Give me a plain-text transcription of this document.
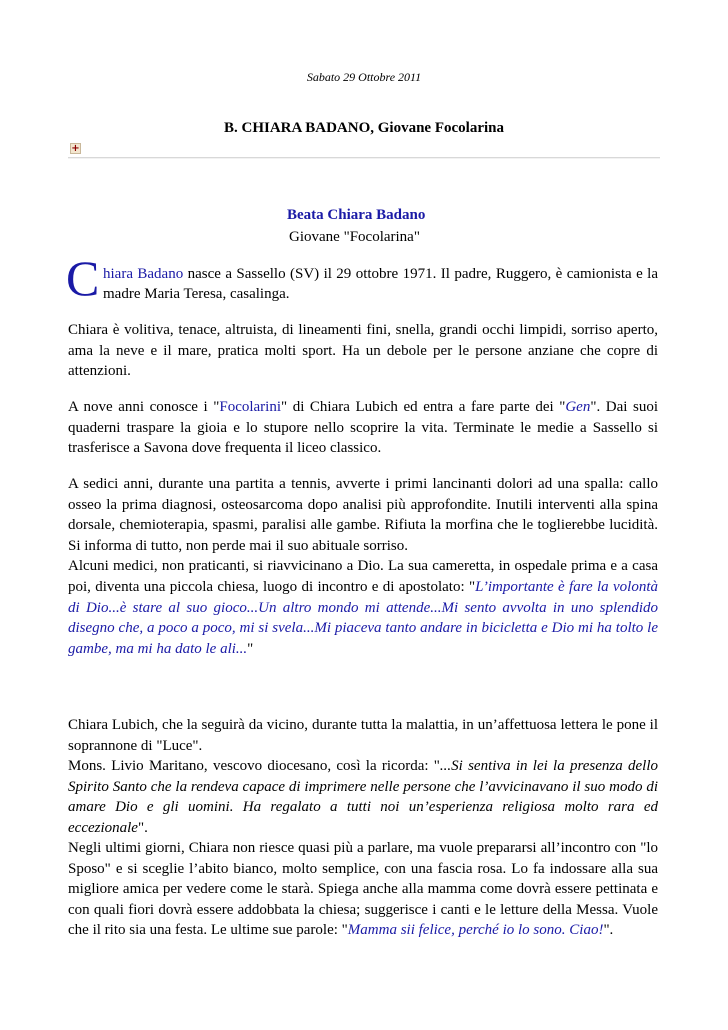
Sabato 29 Ottobre 2011
B. CHIARA BADANO, Giovane Focolarina
+
Beata Chiara Badano
Giovane "Focolarina"
C hiara Badano nasce a Sassello (SV) il 29 ottobre 1971. Il padre, Ruggero, è camionista e la madre Maria Teresa, casalinga.

Chiara è volitiva, tenace, altruista, di lineamenti fini, snella, grandi occhi limpidi, sorriso aperto, ama la neve e il mare, pratica molti sport. Ha un debole per le persone anziane che copre di attenzioni.

A nove anni conosce i "Focolarini" di Chiara Lubich ed entra a fare parte dei "Gen". Dai suoi quaderni traspare la gioia e lo stupore nello scoprire la vita. Terminate le medie a Sassello si trasferisce a Savona dove frequenta il liceo classico.

A sedici anni, durante una partita a tennis, avverte i primi lancinanti dolori ad una spalla: callo osseo la prima diagnosi, osteosarcoma dopo analisi più approfondite. Inutili interventi alla spina dorsale, chemioterapia, spasmi, paralisi alle gambe. Rifiuta la morfina che le toglierebbe lucidità. Si informa di tutto, non perde mai il suo abituale sorriso.

Alcuni medici, non praticanti, si riavvicinano a Dio. La sua cameretta, in ospedale prima e a casa poi, diventa una piccola chiesa, luogo di incontro e di apostolato: "L’importante è fare la volontà di Dio...è stare al suo gioco...Un altro mondo mi attende...Mi sento avvolta in uno splendido disegno che, a poco a poco, mi si svela...Mi piaceva tanto andare in bicicletta e Dio mi ha tolto le gambe, ma mi ha dato le ali..."

Chiara Lubich, che la seguirà da vicino, durante tutta la malattia, in un’affettuosa lettera le pone il soprannone di "Luce".

Mons. Livio Maritano, vescovo diocesano, così la ricorda: "...Si sentiva in lei la presenza dello Spirito Santo che la rendeva capace di imprimere nelle persone che l’avvicinavano il suo modo di amare Dio e gli uomini. Ha regalato a tutti noi un’esperienza religiosa molto rara ed eccezionale".

Negli ultimi giorni, Chiara non riesce quasi più a parlare, ma vuole prepararsi all’incontro con "lo Sposo" e si sceglie l’abito bianco, molto semplice, con una fascia rosa. Lo fa indossare alla sua migliore amica per vedere come le starà. Spiega anche alla mamma come dovrà essere pettinata e con quali fiori dovrà essere addobbata la chiesa; suggerisce i canti e le letture della Messa. Vuole che il rito sia una festa. Le ultime sue parole: "Mamma sii felice, perché io lo sono. Ciao!".
